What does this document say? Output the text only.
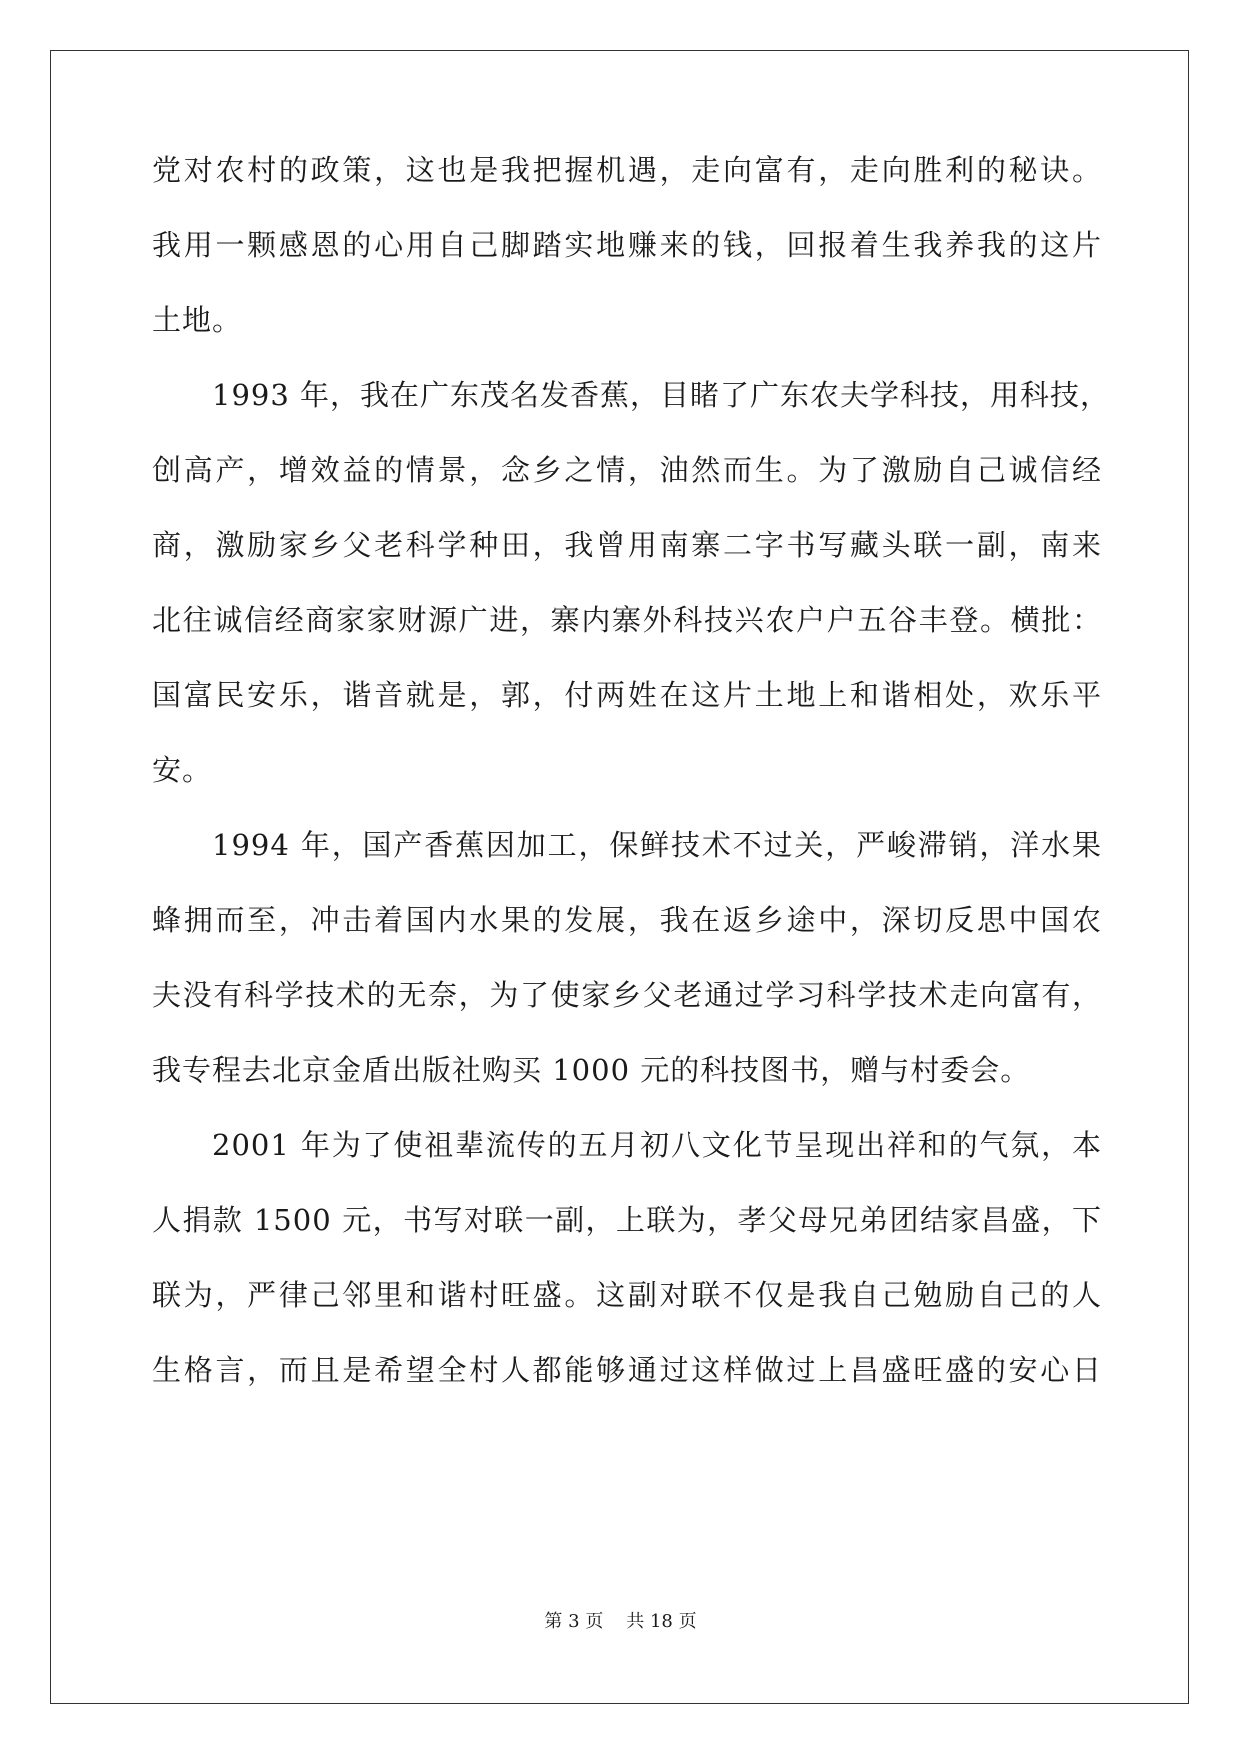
党对农村的政策，这也是我把握机遇，走向富有，走向胜利的秘诀。
我用一颗感恩的心用自己脚踏实地赚来的钱，回报着生我养我的这片
土地。
1993 年，我在广东茂名发香蕉，目睹了广东农夫学科技，用科技，
创高产，增效益的情景，念乡之情，油然而生。为了激励自己诚信经
商，激励家乡父老科学种田，我曾用南寨二字书写藏头联一副，南来
北往诚信经商家家财源广进，寨内寨外科技兴农户户五谷丰登。横批：
国富民安乐，谐音就是，郭，付两姓在这片土地上和谐相处，欢乐平
安。
1994 年，国产香蕉因加工，保鲜技术不过关，严峻滞销，洋水果
蜂拥而至，冲击着国内水果的发展，我在返乡途中，深切反思中国农
夫没有科学技术的无奈，为了使家乡父老通过学习科学技术走向富有，
我专程去北京金盾出版社购买 1000 元的科技图书，赠与村委会。
2001 年为了使祖辈流传的五月初八文化节呈现出祥和的气氛，本
人捐款 1500 元，书写对联一副，上联为，孝父母兄弟团结家昌盛，下
联为，严律己邻里和谐村旺盛。这副对联不仅是我自己勉励自己的人
生格言，而且是希望全村人都能够通过这样做过上昌盛旺盛的安心日
第 3 页 共 18 页
